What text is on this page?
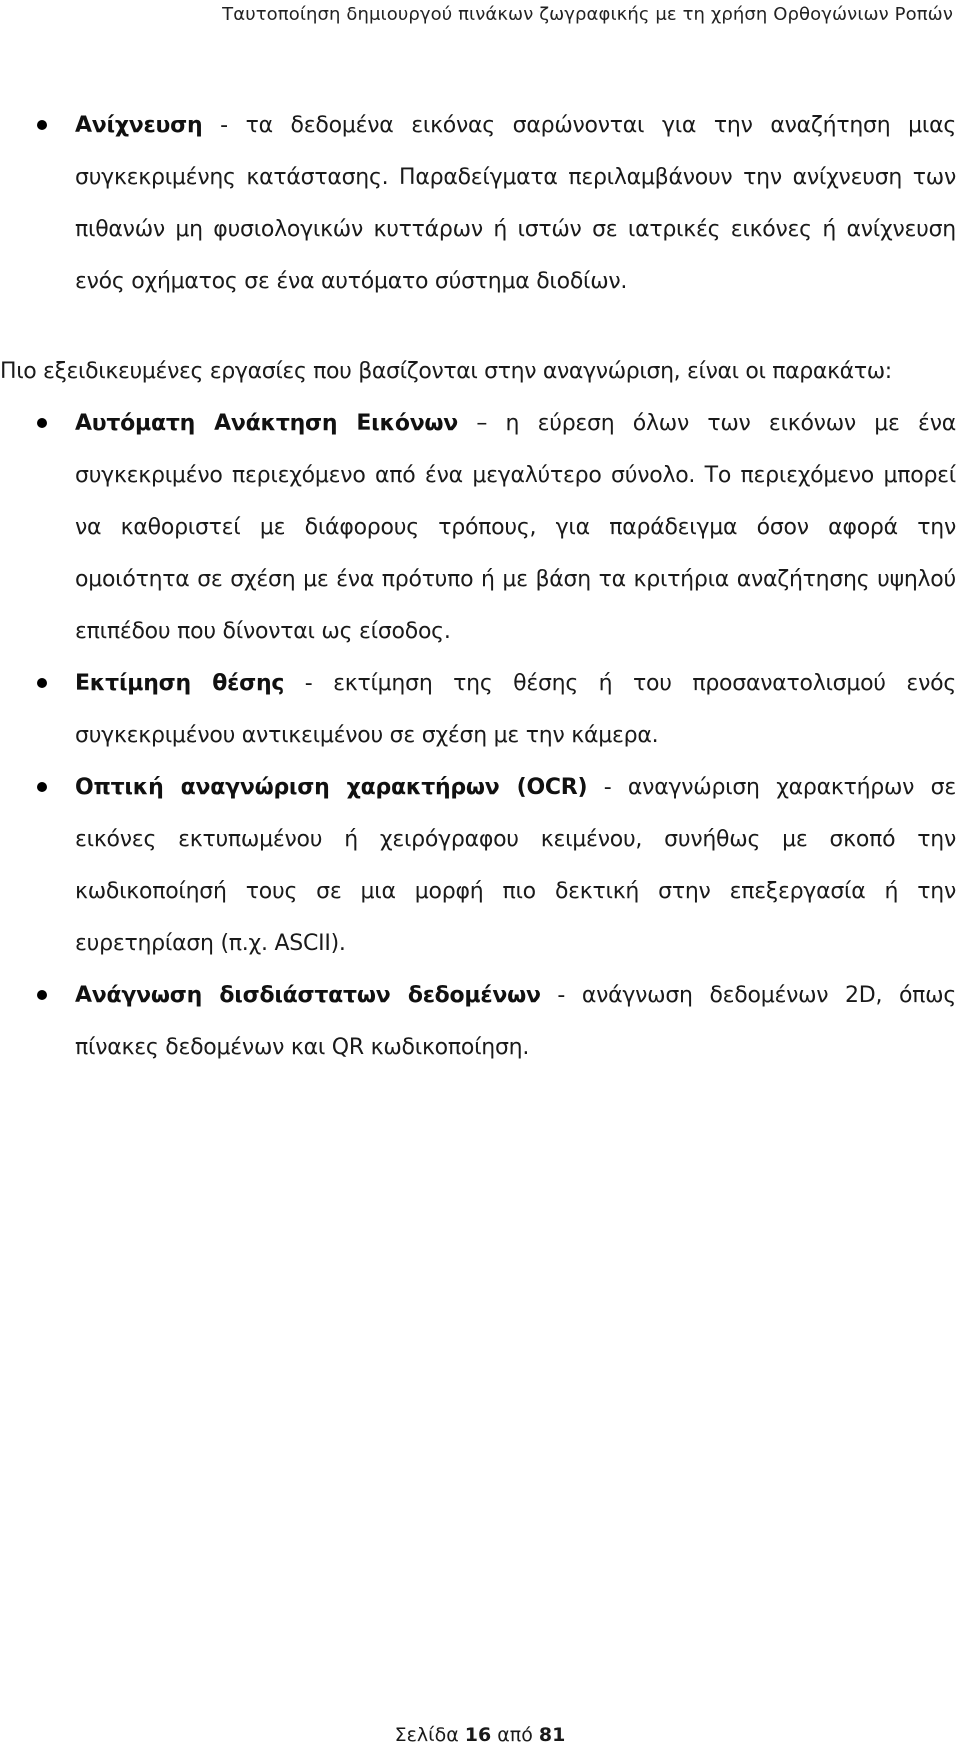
Ταυτοποίηση δημιουργού πινάκων ζωγραφικής με τη χρήση Ορθογώνιων Ροπών
Ανίχνευση - τα δεδομένα εικόνας σαρώνονται για την αναζήτηση μιας συγκεκριμένης κατάστασης. Παραδείγματα περιλαμβάνουν την ανίχνευση των πιθανών μη φυσιολογικών κυττάρων ή ιστών σε ιατρικές εικόνες ή ανίχνευση ενός οχήματος σε ένα αυτόματο σύστημα διοδίων.

Πιο εξειδικευμένες εργασίες που βασίζονται στην αναγνώριση, είναι οι παρακάτω:

Αυτόματη Ανάκτηση Εικόνων – η εύρεση όλων των εικόνων με ένα συγκεκριμένο περιεχόμενο από ένα μεγαλύτερο σύνολο. Το περιεχόμενο μπορεί να καθοριστεί με διάφορους τρόπους, για παράδειγμα όσον αφορά την ομοιότητα σε σχέση με ένα πρότυπο ή με βάση τα κριτήρια αναζήτησης υψηλού επιπέδου που δίνονται ως είσοδος.
Εκτίμηση θέσης - εκτίμηση της θέσης ή του προσανατολισμού ενός συγκεκριμένου αντικειμένου σε σχέση με την κάμερα.
Οπτική αναγνώριση χαρακτήρων (OCR) - αναγνώριση χαρακτήρων σε εικόνες εκτυπωμένου ή χειρόγραφου κειμένου, συνήθως με σκοπό την κωδικοποίησή τους σε μια μορφή πιο δεκτική στην επεξεργασία ή την ευρετηρίαση (π.χ. ASCII).
Ανάγνωση δισδιάστατων δεδομένων - ανάγνωση δεδομένων 2D, όπως πίνακες δεδομένων και QR κωδικοποίηση.
Σελίδα 16 από 81
